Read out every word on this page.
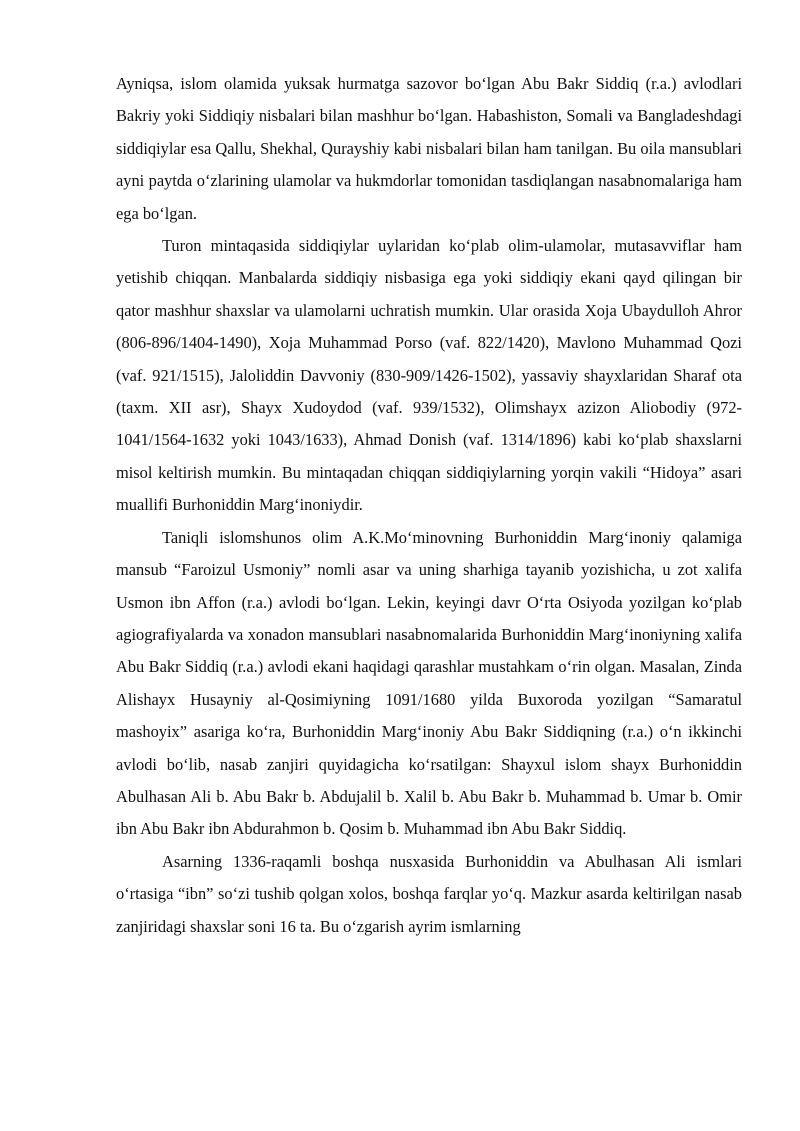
Ayniqsa, islom olamida yuksak hurmatga sazovor bo‘lgan Abu Bakr Siddiq (r.a.) avlodlari Bakriy yoki Siddiqiy nisbalari bilan mashhur bo‘lgan. Habashiston, Somali va Bangladeshdagi siddiqiylar esa Qallu, Shekhal, Qurayshiy kabi nisbalari bilan ham tanilgan. Bu oila mansublari ayni paytda o‘zlarining ulamolar va hukmdorlar tomonidan tasdiqlangan nasabnomalariga ham ega bo‘lgan.

Turon mintaqasida siddiqiylar uylaridan ko‘plab olim-ulamolar, mutasavviflar ham yetishib chiqqan. Manbalarda siddiqiy nisbasiga ega yoki siddiqiy ekani qayd qilingan bir qator mashhur shaxslar va ulamolarni uchratish mumkin. Ular orasida Xoja Ubaydulloh Ahror (806-896/1404-1490), Xoja Muhammad Porso (vaf. 822/1420), Mavlono Muhammad Qozi (vaf. 921/1515), Jaloliddin Davvoniy (830-909/1426-1502), yassaviy shayxlaridan Sharaf ota (taxm. XII asr), Shayx Xudoydod (vaf. 939/1532), Olimshayx azizon Aliobodiy (972-1041/1564-1632 yoki 1043/1633), Ahmad Donish (vaf. 1314/1896) kabi ko‘plab shaxslarni misol keltirish mumkin. Bu mintaqadan chiqqan siddiqiylarning yorqin vakili “Hidoya” asari muallifi Burhoniddin Marg‘inoniydir.

Taniqli islomshunos olim A.K.Mo‘minovning Burhoniddin Marg‘inoniy qalamiga mansub “Faroizul Usmoniy” nomli asar va uning sharhiga tayanib yozishicha, u zot xalifa Usmon ibn Affon (r.a.) avlodi bo‘lgan. Lekin, keyingi davr O‘rta Osiyoda yozilgan ko‘plab agiografiyalarda va xonadon mansublari nasabnomalarida Burhoniddin Marg‘inoniyning xalifa Abu Bakr Siddiq (r.a.) avlodi ekani haqidagi qarashlar mustahkam o‘rin olgan. Masalan, Zinda Alishayx Husayniy al-Qosimiyning 1091/1680 yilda Buxoroda yozilgan “Samaratul mashoyix” asariga ko‘ra, Burhoniddin Marg‘inoniy Abu Bakr Siddiqning (r.a.) o‘n ikkinchi avlodi bo‘lib, nasab zanjiri quyidagicha ko‘rsatilgan: Shayxul islom shayx Burhoniddin Abulhasan Ali b. Abu Bakr b. Abdujalil b. Xalil b. Abu Bakr b. Muhammad b. Umar b. Omir ibn Abu Bakr ibn Abdurahmon b. Qosim b. Muhammad ibn Abu Bakr Siddiq.

Asarning 1336-raqamli boshqa nusxasida Burhoniddin va Abulhasan Ali ismlari o‘rtasiga “ibn” so‘zi tushib qolgan xolos, boshqa farqlar yo‘q. Mazkur asarda keltirilgan nasab zanjiridagi shaxslar soni 16 ta. Bu o‘zgarish ayrim ismlarning
